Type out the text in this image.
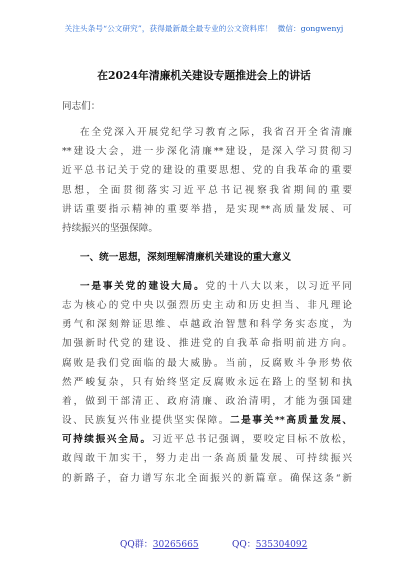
关注头条号“公文研究”，获得最新最全最专业的公文资料库！ 微信：gongwenyj
在2024年清廉机关建设专题推进会上的讲话
同志们：
在全党深入开展党纪学习教育之际，我省召开全省清廉
**建设大会，进一步深化清廉**建设，是深入学习贯彻习
近平总书记关于党的建设的重要思想、党的自我革命的重要
思想，全面贯彻落实习近平总书记视察我省期间的重要
讲话重要指示精神的重要举措，是实现**高质量发展、可
持续振兴的坚强保障。
一、统一思想，深刻理解清廉机关建设的重大意义
一是事关党的建设大局。党的十八大以来，以习近平同
志为核心的党中央以强烈历史主动和历史担当、非凡理论
勇气和深刻辩证思维、卓越政治智慧和科学务实态度，为
加强新时代党的建设、推进党的自我革命指明前进方向。
腐败是我们党面临的最大威胁。当前，反腐败斗争形势依
然严峻复杂，只有始终坚定反腐败永远在路上的坚韧和执
着，做到干部清正、政府清廉、政治清明，才能为强国建
设、民族复兴伟业提供坚实保障。二是事关**高质量发展、
可持续振兴全局。习近平总书记强调，要咬定目标不放松，
敢闯敢干加实干，努力走出一条高质量发展、可持续振兴
的新路子，奋力谱写东北全面振兴的新篇章。确保这条“新
QQ群：30265665	QQ：535304092
